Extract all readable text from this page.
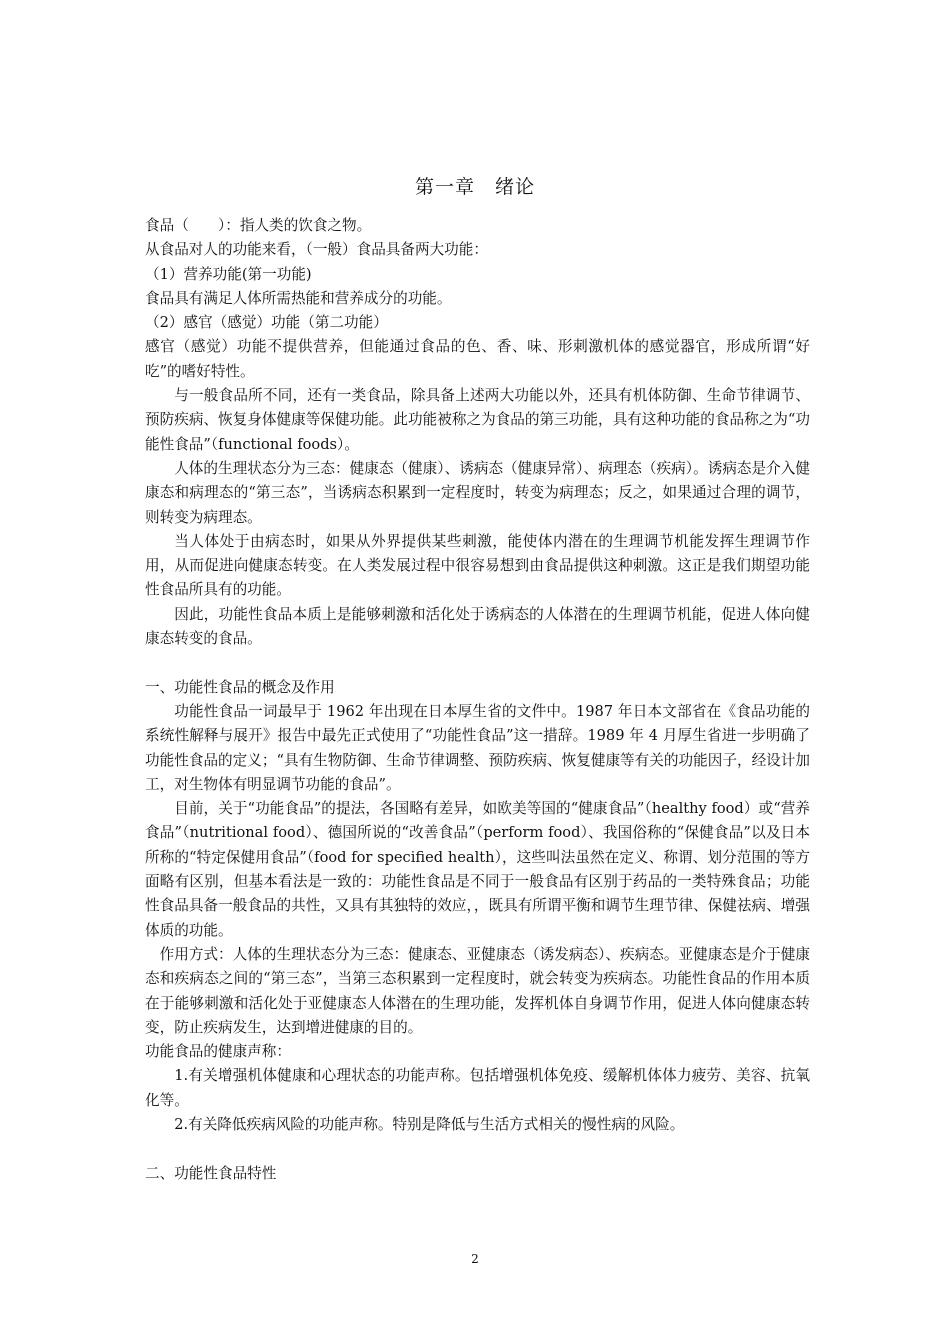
第一章　绪论　

食品（　　）：指人类的饮食之物。

从食品对人的功能来看，（一般）食品具备两大功能：

（1）营养功能(第一功能)

食品具有满足人体所需热能和营养成分的功能。

（2）感官（感觉）功能（第二功能）

感官（感觉）功能不提供营养，但能通过食品的色、香、味、形刺激机体的感觉器官，形成所谓“好吃”的嗜好特性。

与一般食品所不同，还有一类食品，除具备上述两大功能以外，还具有机体防御、生命节律调节、预防疾病、恢复身体健康等保健功能。此功能被称之为食品的第三功能，具有这种功能的食品称之为“功能性食品”（functional foods）。

人体的生理状态分为三态：健康态（健康）、诱病态（健康异常）、病理态（疾病）。诱病态是介入健康态和病理态的“第三态”，当诱病态积累到一定程度时，转变为病理态；反之，如果通过合理的调节，则转变为病理态。

当人体处于由病态时，如果从外界提供某些刺激，能使体内潜在的生理调节机能发挥生理调节作用，从而促进向健康态转变。在人类发展过程中很容易想到由食品提供这种刺激。这正是我们期望功能性食品所具有的功能。

因此，功能性食品本质上是能够刺激和活化处于诱病态的人体潜在的生理调节机能，促进人体向健康态转变的食品。

一、功能性食品的概念及作用

功能性食品一词最早于 1962 年出现在日本厚生省的文件中。1987 年日本文部省在《食品功能的系统性解释与展开》报告中最先正式使用了“功能性食品”这一措辞。1989 年 4 月厚生省进一步明确了功能性食品的定义；“具有生物防御、生命节律调整、预防疾病、恢复健康等有关的功能因子，经设计加工，对生物体有明显调节功能的食品”。

目前，关于“功能食品”的提法，各国略有差异，如欧美等国的“健康食品”（healthy food）或“营养食品”（nutritional food）、德国所说的“改善食品”（perform food）、我国俗称的“保健食品”以及日本所称的“特定保健用食品”（food for specified health），这些叫法虽然在定义、称谓、划分范围的等方面略有区别，但基本看法是一致的：功能性食品是不同于一般食品有区别于药品的一类特殊食品；功能性食品具备一般食品的共性，又具有其独特的效应，，既具有所谓平衡和调节生理节律、保健祛病、增强体质的功能。

作用方式：人体的生理状态分为三态：健康态、亚健康态（诱发病态）、疾病态。亚健康态是介于健康态和疾病态之间的“第三态”，当第三态积累到一定程度时，就会转变为疾病态。功能性食品的作用本质在于能够刺激和活化处于亚健康态人体潜在的生理功能，发挥机体自身调节作用，促进人体向健康态转变，防止疾病发生，达到增进健康的目的。

功能食品的健康声称：

1.有关增强机体健康和心理状态的功能声称。包括增强机体免疫、缓解机体体力疲劳、美容、抗氧化等。

2.有关降低疾病风险的功能声称。特别是降低与生活方式相关的慢性病的风险。

二、功能性食品特性

2
